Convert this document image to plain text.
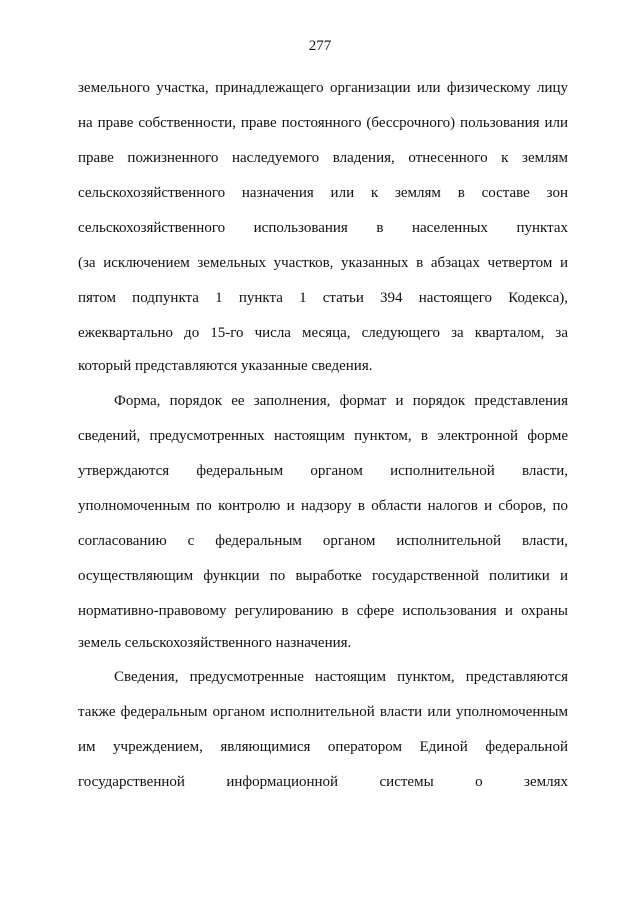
277
земельного участка, принадлежащего организации или физическому лицу
на праве собственности, праве постоянного (бессрочного) пользования или
праве пожизненного наследуемого владения, отнесенного к землям
сельскохозяйственного назначения или к землям в составе зон
сельскохозяйственного использования в населенных пунктах
(за исключением земельных участков, указанных в абзацах четвертом и
пятом подпункта 1 пункта 1 статьи 394 настоящего Кодекса),
ежеквартально до 15-го числа месяца, следующего за кварталом, за
который представляются указанные сведения.
Форма, порядок ее заполнения, формат и порядок представления
сведений, предусмотренных настоящим пунктом, в электронной форме
утверждаются федеральным органом исполнительной власти,
уполномоченным по контролю и надзору в области налогов и сборов, по
согласованию с федеральным органом исполнительной власти,
осуществляющим функции по выработке государственной политики и
нормативно-правовому регулированию в сфере использования и охраны
земель сельскохозяйственного назначения.
Сведения, предусмотренные настоящим пунктом, представляются
также федеральным органом исполнительной власти или уполномоченным
им учреждением, являющимися оператором Единой федеральной
государственной информационной системы о землях
